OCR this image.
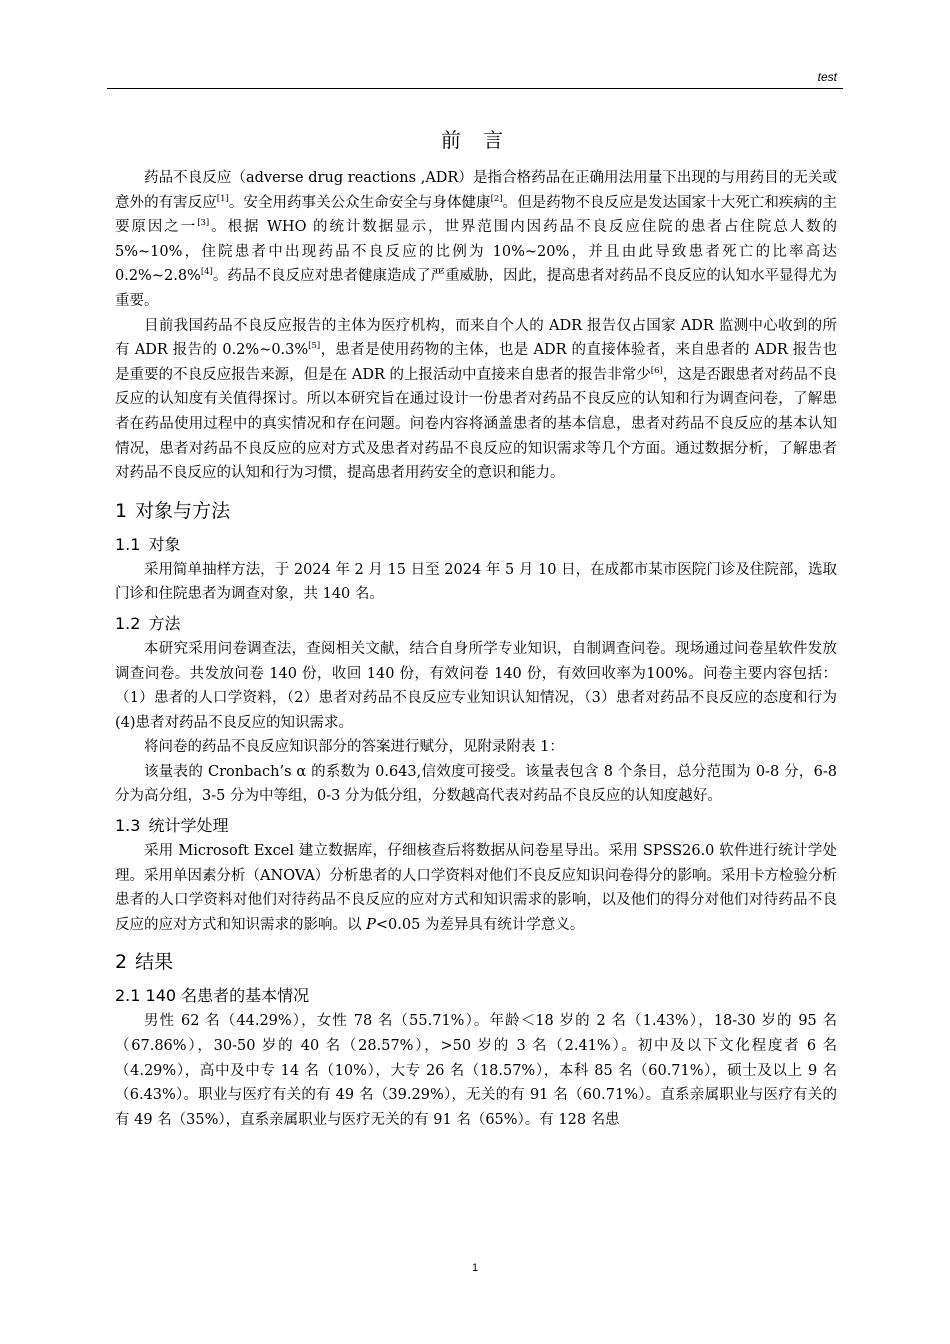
test
前 言

药品不良反应（adverse drug reactions ,ADR）是指合格药品在正确用法用量下出现的与用药目的无关或意外的有害反应[1]。安全用药事关公众生命安全与身体健康[2]。但是药物不良反应是发达国家十大死亡和疾病的主要原因之一[3]。根据 WHO 的统计数据显示，世界范围内因药品不良反应住院的患者占住院总人数的 5%~10%，住院患者中出现药品不良反应的比例为 10%~20%，并且由此导致患者死亡的比率高达 0.2%~2.8%[4]。药品不良反应对患者健康造成了严重威胁，因此，提高患者对药品不良反应的认知水平显得尤为重要。

目前我国药品不良反应报告的主体为医疗机构，而来自个人的 ADR 报告仅占国家 ADR 监测中心收到的所有 ADR 报告的 0.2%~0.3%[5]，患者是使用药物的主体，也是 ADR 的直接体验者，来自患者的 ADR 报告也是重要的不良反应报告来源，但是在 ADR 的上报活动中直接来自患者的报告非常少[6]，这是否跟患者对药品不良反应的认知度有关值得探讨。所以本研究旨在通过设计一份患者对药品不良反应的认知和行为调查问卷，了解患者在药品使用过程中的真实情况和存在问题。问卷内容将涵盖患者的基本信息，患者对药品不良反应的基本认知情况，患者对药品不良反应的应对方式及患者对药品不良反应的知识需求等几个方面。通过数据分析，了解患者对药品不良反应的认知和行为习惯，提高患者用药安全的意识和能力。

1 对象与方法
1.1 对象

采用简单抽样方法，于 2024 年 2 月 15 日至 2024 年 5 月 10 日，在成都市某市医院门诊及住院部，选取门诊和住院患者为调查对象，共 140 名。

1.2 方法

本研究采用问卷调查法，查阅相关文献，结合自身所学专业知识，自制调查问卷。现场通过问卷星软件发放调查问卷。共发放问卷 140 份，收回 140 份，有效问卷 140 份，有效回收率为100%。问卷主要内容包括：（1）患者的人口学资料，（2）患者对药品不良反应专业知识认知情况，（3）患者对药品不良反应的态度和行为(4)患者对药品不良反应的知识需求。

将问卷的药品不良反应知识部分的答案进行赋分，见附录附表 1：

该量表的 Cronbach’s α 的系数为 0.643,信效度可接受。该量表包含 8 个条目，总分范围为 0-8 分，6-8 分为高分组，3-5 分为中等组，0-3 分为低分组，分数越高代表对药品不良反应的认知度越好。

1.3 统计学处理

采用 Microsoft Excel 建立数据库，仔细核查后将数据从问卷星导出。采用 SPSS26.0 软件进行统计学处理。采用单因素分析（ANOVA）分析患者的人口学资料对他们不良反应知识问卷得分的影响。采用卡方检验分析患者的人口学资料对他们对待药品不良反应的应对方式和知识需求的影响，以及他们的得分对他们对待药品不良反应的应对方式和知识需求的影响。以 P<0.05 为差异具有统计学意义。

2 结果
2.1 140 名患者的基本情况

男性 62 名（44.29%），女性 78 名（55.71%）。年龄＜18 岁的 2 名（1.43%），18-30 岁的 95 名（67.86%），30-50 岁的 40 名（28.57%），>50 岁的 3 名（2.41%）。初中及以下文化程度者 6 名（4.29%），高中及中专 14 名（10%），大专 26 名（18.57%），本科 85 名（60.71%），硕士及以上 9 名（6.43%）。职业与医疗有关的有 49 名（39.29%），无关的有 91 名（60.71%）。直系亲属职业与医疗有关的有 49 名（35%），直系亲属职业与医疗无关的有 91 名（65%）。有 128 名患

1
